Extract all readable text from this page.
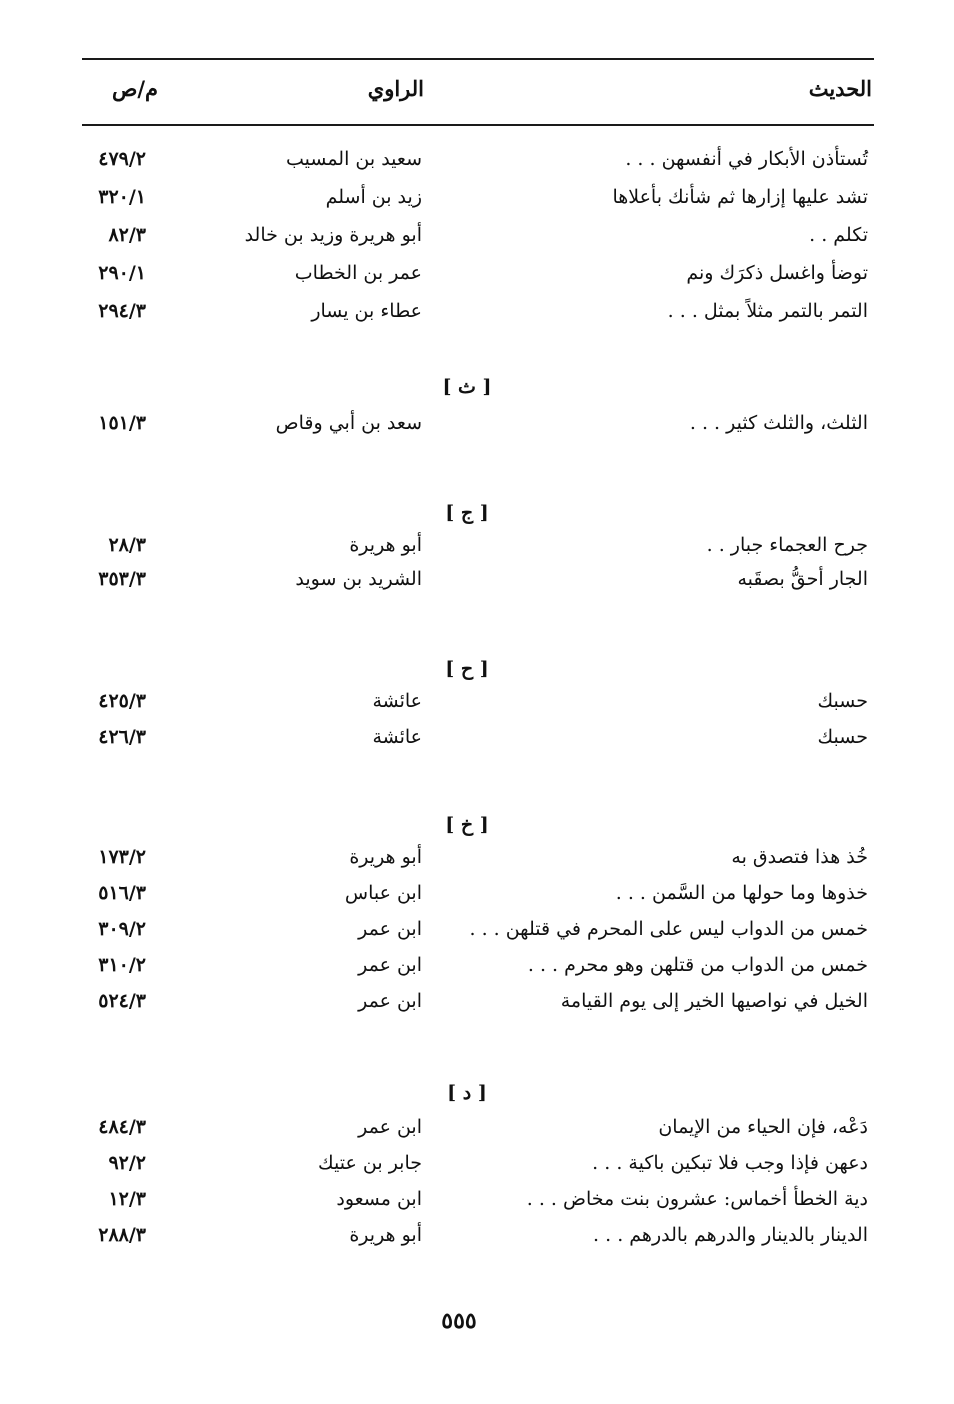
الحديث
الراوي
م/ص
تُستأذن الأبكار في أنفسهن . . .
سعيد بن المسيب
٤٧٩/٢
تشد عليها إزارها ثم شأنك بأعلاها
زيد بن أسلم
٣٢٠/١
تكلم . .
أبو هريرة وزيد بن خالد
٨٢/٣
توضأ واغسل ذكرَك ونم
عمر بن الخطاب
٢٩٠/١
التمر بالتمر مثلاً بمثل . . .
عطاء بن يسار
٢٩٤/٣
[ ث ]
الثلث، والثلث كثير . . .
سعد بن أبي وقاص
١٥١/٣
[ ج ]
جرح العجماء جبار . .
أبو هريرة
٢٨/٣
الجار أحقُّ بصقَبه
الشريد بن سويد
٣٥٣/٣
[ ح ]
حسبك
عائشة
٤٢٥/٣
حسبك
عائشة
٤٢٦/٣
[ خ ]
خُذ هذا فتصدق به
أبو هريرة
١٧٣/٢
خذوها وما حولها من السَّمن . . .
ابن عباس
٥١٦/٣
خمس من الدواب ليس على المحرم في قتلهن . . .
ابن عمر
٣٠٩/٢
خمس من الدواب من قتلهن وهو محرم . . .
ابن عمر
٣١٠/٢
الخيل في نواصيها الخير إلى يوم القيامة
ابن عمر
٥٢٤/٣
[ د ]
دَعْه، فإن الحياء من الإيمان
ابن عمر
٤٨٤/٣
دعهن فإذا وجب فلا تبكين باكية . . .
جابر بن عتيك
٩٢/٢
دية الخطأ أخماس: عشرون بنت مخاض . . .
ابن مسعود
١٢/٣
الدينار بالدينار والدرهم بالدرهم . . .
أبو هريرة
٢٨٨/٣
٥٥٥
